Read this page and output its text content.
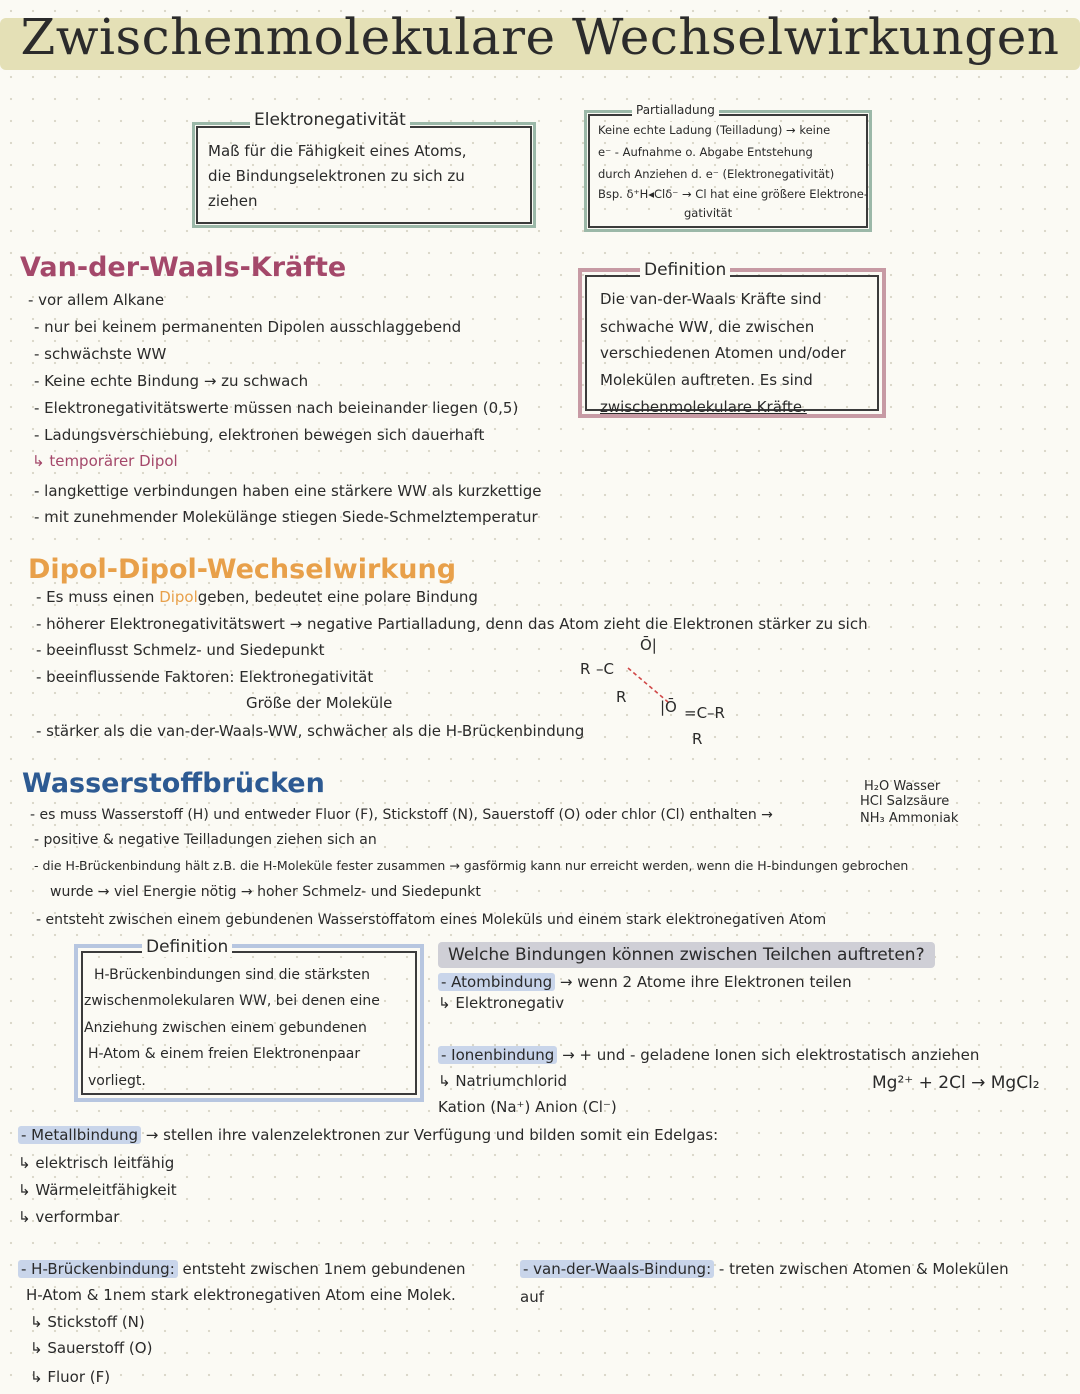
Zwischenmolekulare Wechselwirkungen
Elektronegativität
Maß für die Fähigkeit eines Atoms,
die Bindungselektronen zu sich zu
ziehen
Partialladung
Keine echte Ladung (Teilladung) → keine
e⁻ - Aufnahme o. Abgabe Entstehung
durch Anziehen d. e⁻ (Elektronegativität)
Bsp. δ⁺H◂Clδ⁻ → Cl hat eine größere Elektrone-
gativität
Van-der-Waals-Kräfte
- vor allem Alkane
- nur bei keinem permanenten Dipolen ausschlaggebend
- schwächste WW
- Keine echte Bindung → zu schwach
- Elektronegativitätswerte müssen nach beieinander liegen (0,5)
- Ladungsverschiebung, elektronen bewegen sich dauerhaft
↳ temporärer Dipol
- langkettige verbindungen haben eine stärkere WW als kurzkettige
- mit zunehmender Molekülänge stiegen Siede-Schmelztemperatur
Definition
Die van-der-Waals Kräfte sind
schwache WW, die zwischen
verschiedenen Atomen und/oder
Molekülen auftreten. Es sind
zwischenmolekulare Kräfte.
Dipol-Dipol-Wechselwirkung
- Es muss einen Dipolgeben, bedeutet eine polare Bindung
- höherer Elektronegativitätswert → negative Partialladung, denn das Atom zieht die Elektronen stärker zu sich
- beeinflusst Schmelz- und Siedepunkt
- beeinflussende Faktoren: Elektronegativität
Größe der Moleküle
- stärker als die van-der-Waals-WW, schwächer als die H-Brückenbindung
R –C
Ō|
R
|Ō =C–R
R
Wasserstoffbrücken
- es muss Wasserstoff (H) und entweder Fluor (F), Stickstoff (N), Sauerstoff (O) oder chlor (Cl) enthalten →
- positive & negative Teilladungen ziehen sich an
- die H-Brückenbindung hält z.B. die H-Moleküle fester zusammen → gasförmig kann nur erreicht werden, wenn die H-bindungen gebrochen
wurde → viel Energie nötig → hoher Schmelz- und Siedepunkt
- entsteht zwischen einem gebundenen Wasserstoffatom eines Moleküls und einem stark elektronegativen Atom
H₂O Wasser
HCl Salzsäure
NH₃ Ammoniak
Definition
H-Brückenbindungen sind die stärksten
zwischenmolekularen WW, bei denen eine
Anziehung zwischen einem gebundenen
H-Atom & einem freien Elektronenpaar
vorliegt.
Welche Bindungen können zwischen Teilchen auftreten?
- Atombindung → wenn 2 Atome ihre Elektronen teilen
↳ Elektronegativ
- Ionenbindung → + und - geladene Ionen sich elektrostatisch anziehen
↳ Natriumchlorid	Mg²⁺ + 2Cl → MgCl₂
Kation (Na⁺) Anion (Cl⁻)
- Metallbindung → stellen ihre valenzelektronen zur Verfügung und bilden somit ein Edelgas:
↳ elektrisch leitfähig
↳ Wärmeleitfähigkeit
↳ verformbar
- H-Brückenbindung: entsteht zwischen 1nem gebundenen
H-Atom & 1nem stark elektronegativen Atom eine Molek.
↳ Stickstoff (N)
↳ Sauerstoff (O)
↳ Fluor (F)
- van-der-Waals-Bindung: - treten zwischen Atomen & Molekülen
auf
